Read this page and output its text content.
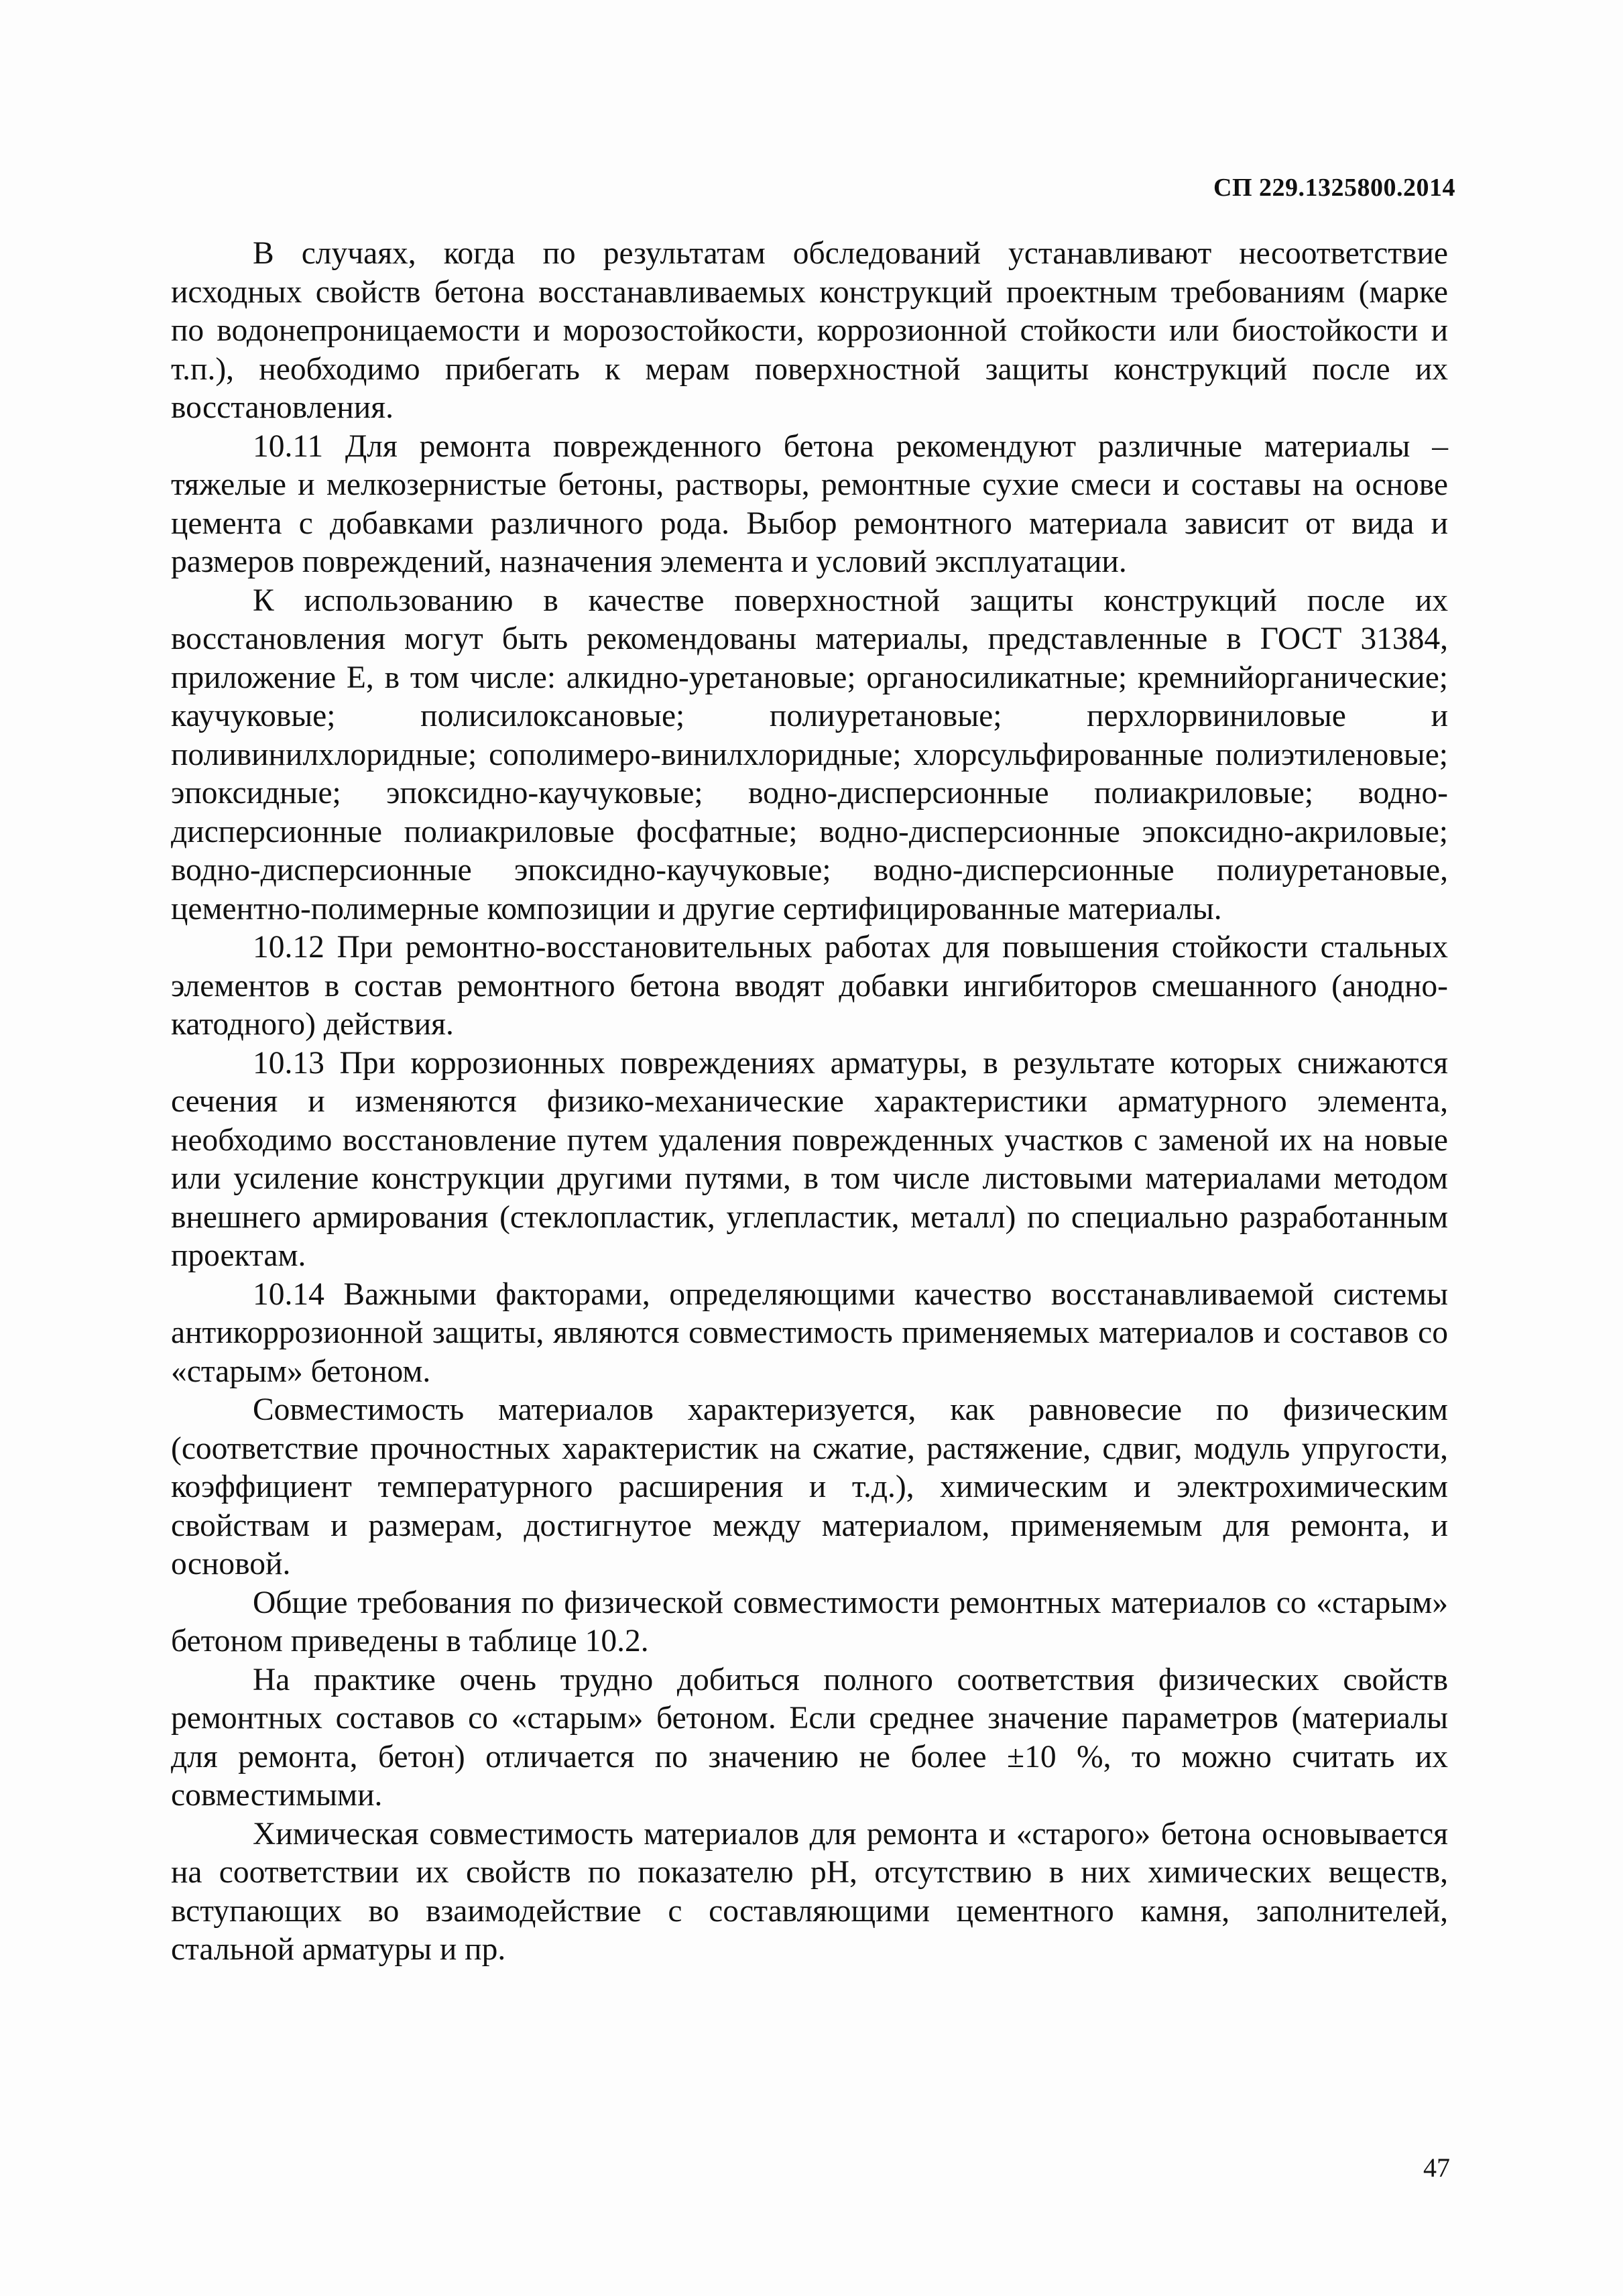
СП 229.1325800.2014

В случаях, когда по результатам обследований устанавливают несоответствие исходных свойств бетона восстанавливаемых конструкций проектным требованиям (марке по водонепроницаемости и морозостойкости, коррозионной стойкости или биостойкости и т.п.), необходимо прибегать к мерам поверхностной защиты конструкций после их восстановления.

10.11 Для ремонта поврежденного бетона рекомендуют различные материалы – тяжелые и мелкозернистые бетоны, растворы, ремонтные сухие смеси и составы на основе цемента с добавками различного рода. Выбор ремонтного материала зависит от вида и размеров повреждений, назначения элемента и условий эксплуатации.

К использованию в качестве поверхностной защиты конструкций после их восстановления могут быть рекомендованы материалы, представленные в ГОСТ 31384, приложение Е, в том числе: алкидно-уретановые; органосиликатные; кремнийорганические; каучуковые; полисилоксановые; полиуретановые; перхлорвиниловые и поливинилхлоридные; сополимеро-винилхлоридные; хлорсульфированные полиэтиленовые; эпоксидные; эпоксидно-каучуковые; водно-дисперсионные полиакриловые; водно-дисперсионные полиакриловые фосфатные; водно-дисперсионные эпоксидно-акриловые; водно-дисперсионные эпоксидно-каучуковые; водно-дисперсионные полиуретановые, цементно-полимерные композиции и другие сертифицированные материалы.

10.12 При ремонтно-восстановительных работах для повышения стойкости стальных элементов в состав ремонтного бетона вводят добавки ингибиторов смешанного (анодно-катодного) действия.

10.13 При коррозионных повреждениях арматуры, в результате которых снижаются сечения и изменяются физико-механические характеристики арматурного элемента, необходимо восстановление путем удаления поврежденных участков с заменой их на новые или усиление конструкции другими путями, в том числе листовыми материалами методом внешнего армирования (стеклопластик, углепластик, металл) по специально разработанным проектам.

10.14 Важными факторами, определяющими качество восстанавливаемой системы антикоррозионной защиты, являются совместимость применяемых материалов и составов со «старым» бетоном.

Совместимость материалов характеризуется, как равновесие по физическим (соответствие прочностных характеристик на сжатие, растяжение, сдвиг, модуль упругости, коэффициент температурного расширения и т.д.), химическим и электрохимическим свойствам и размерам, достигнутое между материалом, применяемым для ремонта, и основой.

Общие требования по физической совместимости ремонтных материалов со «старым» бетоном приведены в таблице 10.2.

На практике очень трудно добиться полного соответствия физических свойств ремонтных составов со «старым» бетоном. Если среднее значение параметров (материалы для ремонта, бетон) отличается по значению не более ±10 %, то можно считать их совместимыми.

Химическая совместимость материалов для ремонта и «старого» бетона основывается на соответствии их свойств по показателю pH, отсутствию в них химических веществ, вступающих во взаимодействие с составляющими цементного камня, заполнителей, стальной арматуры и пр.

47
